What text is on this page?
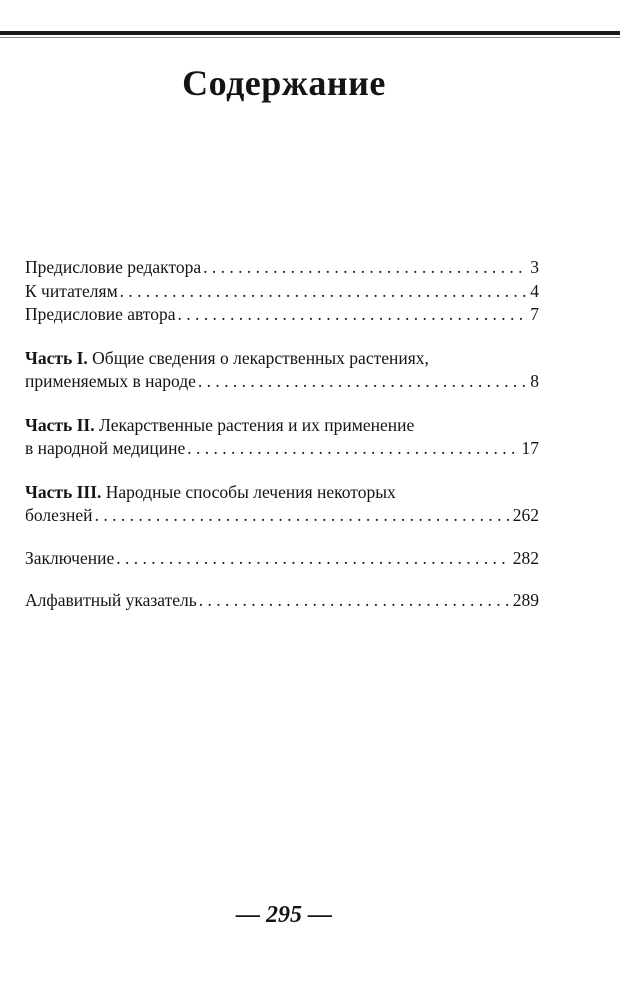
Содержание
Предисловие редактора . . .	3
К читателям . . .	4
Предисловие автора . . .	7
Часть I. Общие сведения о лекарственных растениях,
применяемых в народе . . .	8
Часть II. Лекарственные растения и их применение
в народной медицине . . .	17
Часть III. Народные способы лечения некоторых
болезней . . .	262
Заключение . . .	282
Алфавитный указатель . . .	289
— 295 —
